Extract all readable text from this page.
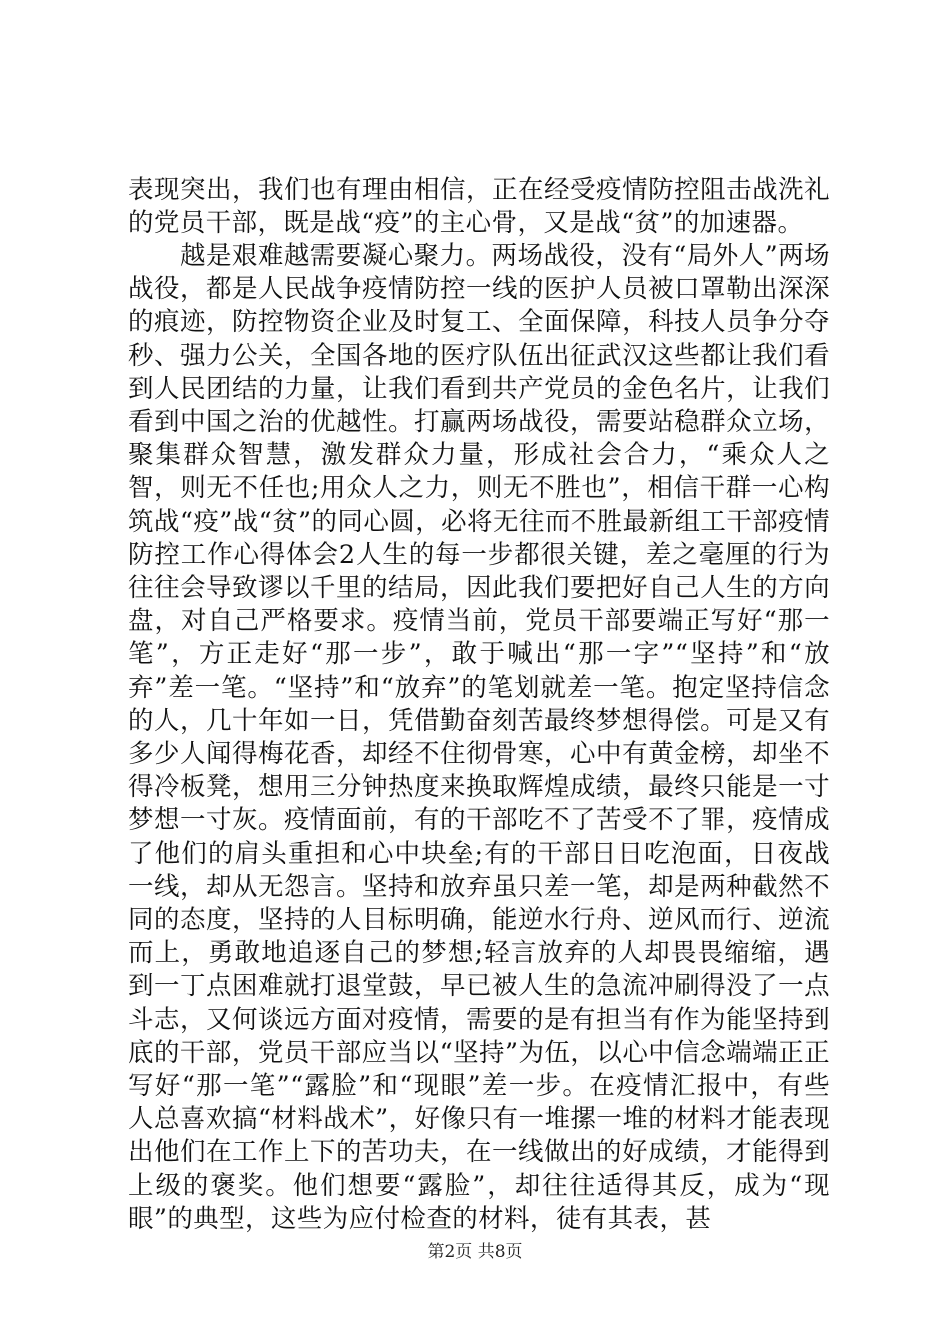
表现突出，我们也有理由相信，正在经受疫情防控阻击战洗礼的党员干部，既是战“疫”的主心骨，又是战“贫”的加速器。

越是艰难越需要凝心聚力。两场战役，没有“局外人”两场战役，都是人民战争疫情防控一线的医护人员被口罩勒出深深的痕迹，防控物资企业及时复工、全面保障，科技人员争分夺秒、强力公关，全国各地的医疗队伍出征武汉这些都让我们看到人民团结的力量，让我们看到共产党员的金色名片，让我们看到中国之治的优越性。打赢两场战役，需要站稳群众立场，聚集群众智慧，激发群众力量，形成社会合力，“乘众人之智，则无不任也;用众人之力，则无不胜也”，相信干群一心构筑战“疫”战“贫”的同心圆，必将无往而不胜最新组工干部疫情防控工作心得体会2人生的每一步都很关键，差之毫厘的行为往往会导致谬以千里的结局，因此我们要把好自己人生的方向盘，对自己严格要求。疫情当前，党员干部要端正写好“那一笔”，方正走好“那一步”，敢于喊出“那一字”“坚持”和“放弃”差一笔。“坚持”和“放弃”的笔划就差一笔。抱定坚持信念的人，几十年如一日，凭借勤奋刻苦最终梦想得偿。可是又有多少人闻得梅花香，却经不住彻骨寒，心中有黄金榜，却坐不得冷板凳，想用三分钟热度来换取辉煌成绩，最终只能是一寸梦想一寸灰。疫情面前，有的干部吃不了苦受不了罪，疫情成了他们的肩头重担和心中块垒;有的干部日日吃泡面，日夜战一线，却从无怨言。坚持和放弃虽只差一笔，却是两种截然不同的态度，坚持的人目标明确，能逆水行舟、逆风而行、逆流而上，勇敢地追逐自己的梦想;轻言放弃的人却畏畏缩缩，遇到一丁点困难就打退堂鼓，早已被人生的急流冲刷得没了一点斗志，又何谈远方面对疫情，需要的是有担当有作为能坚持到底的干部，党员干部应当以“坚持”为伍，以心中信念端端正正写好“那一笔”“露脸”和“现眼”差一步。在疫情汇报中，有些人总喜欢搞“材料战术”，好像只有一堆摞一堆的材料才能表现出他们在工作上下的苦功夫，在一线做出的好成绩，才能得到上级的褒奖。他们想要“露脸”，却往往适得其反，成为“现眼”的典型，这些为应付检查的材料，徒有其表，甚

第2页 共8页
